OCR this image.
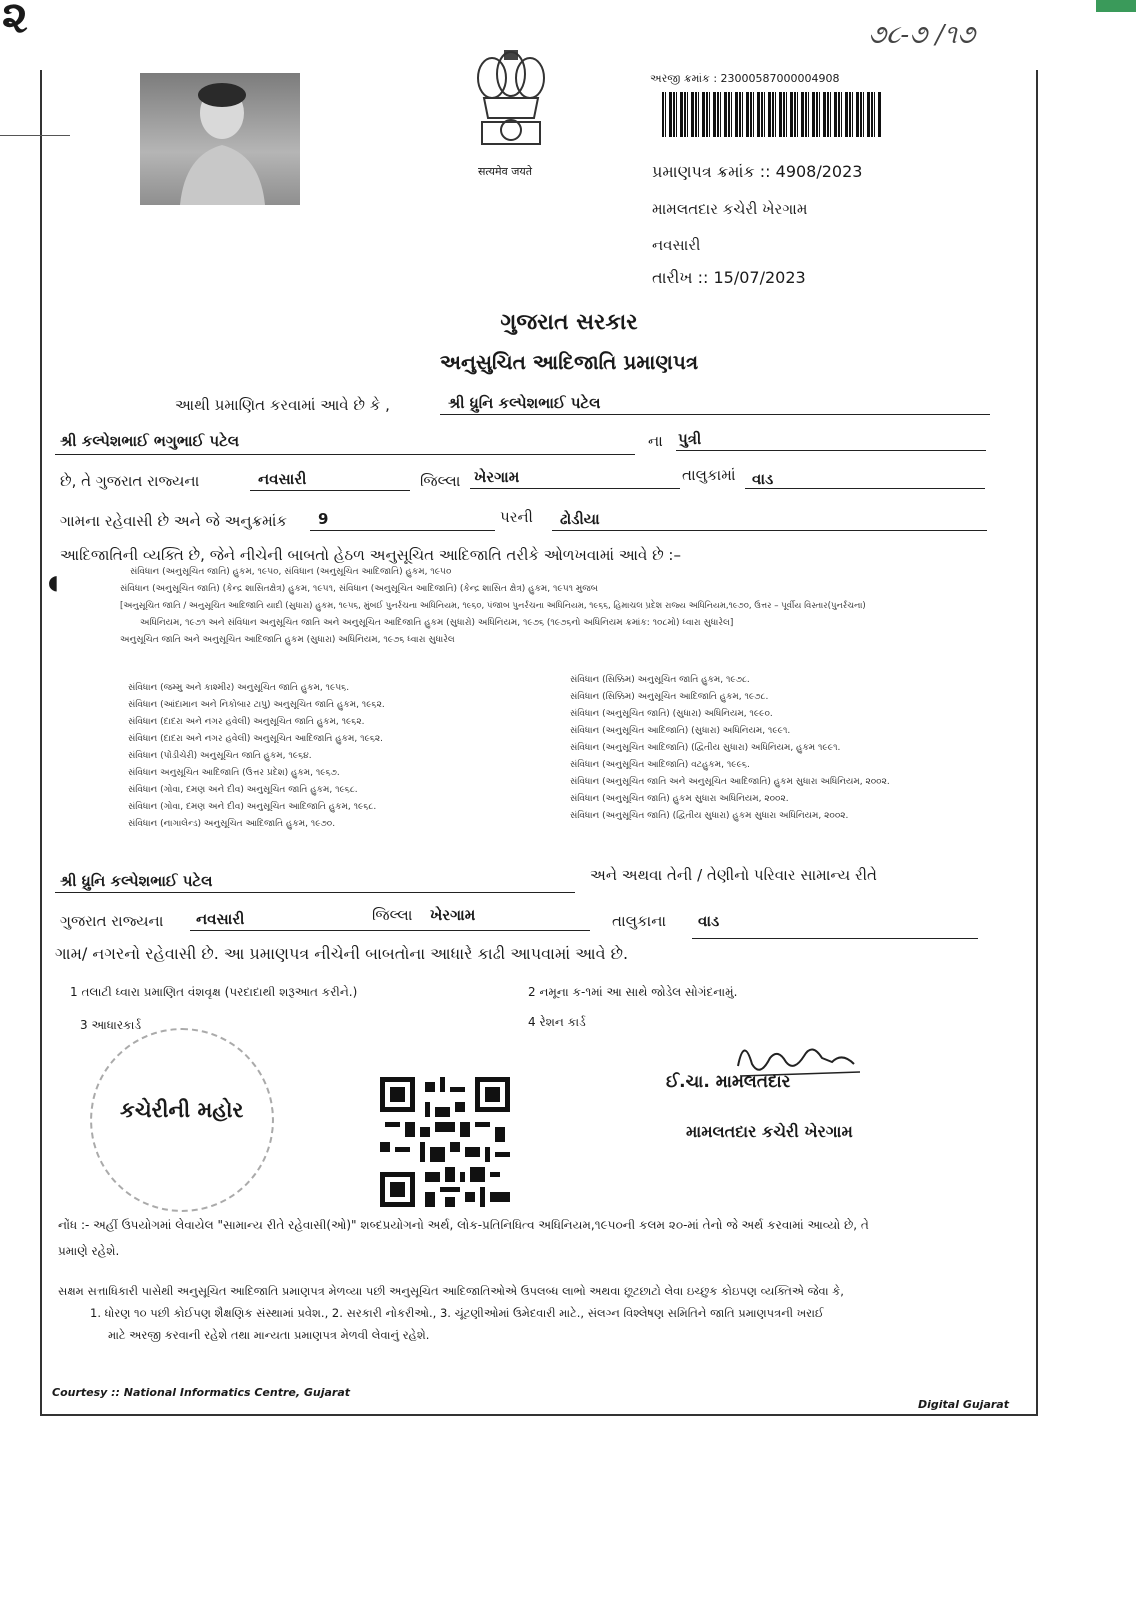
૨	૭૮-૭ /૧૭
सत्यमेव जयते
અરજી ક્રમાંક : 23000587000004908
પ્રમાણપત્ર ક્રમાંક :: 4908/2023
મામલતદાર કચેરી ખેરગામ
નવસારી
તારીખ :: 15/07/2023
ગુજરાત સરકાર
અનુસુચિત આદિજાતિ પ્રમાણપત્ર
આથી પ્રમાણિત કરવામાં આવે છે કે ,	શ્રી ધ્રુનિ કલ્પેશભાઈ પટેલ
શ્રી કલ્પેશભાઈ ભગુભાઈ પટેલ	ના પુત્રી
છે, તે ગુજરાત રાજ્યના	નવસારી	જિલ્લા ખેરગામ	તાલુકામાં વાડ
ગામના રહેવાસી છે અને જે અનુક્રમાંક 9	પરની ઢોડીયા
આદિજાતિની વ્યક્તિ છે, જેને નીચેની બાબતો હેઠળ અનુસૂચિત આદિજાતિ તરીકે ઓળખવામાં આવે છે :–
સંવિધાન (અનુસૂચિત જાતિ) હુકમ, ૧૯૫૦, સંવિધાન (અનુસૂચિત આદિજાતિ) હુકમ, ૧૯૫૦
સંવિધાન (અનુસૂચિત જાતિ) (કેન્દ્ર શાસિતક્ષેત્ર) હુકમ, ૧૯૫૧, સંવિધાન (અનુસૂચિત આદિજાતિ) (કેન્દ્ર શાસિત ક્ષેત્ર) હુકમ, ૧૯૫૧ મુજબ
[અનુસૂચિત જાતિ / અનુસૂચિત આદિજાતિ યાદી (સુધારા) હુકમ, ૧૯૫૬, મુંબઈ પુનર્રચના અધિનિયમ, ૧૯૬૦, પંજાબ પુનર્રચના અધિનિયમ, ૧૯૬૬, હિમાચલ પ્રદેશ રાજ્ય અધિનિયમ,૧૯૭૦, ઉત્તર – પૂર્વીય વિસ્તાર(પુનર્રચના)
અધિનિયમ, ૧૯૭૧ અને સંવિધાન અનુસૂચિત જાતિ અને અનુસૂચિત આદિજાતિ હુકમ (સુધારો) અધિનિયમ, ૧૯૭૬ (૧૯૭૬નો અધિનિયમ ક્રમાંક: ૧૦૮મો) ધ્વારા સુધારેલ]
અનુસૂચિત જાતિ અને અનુસૂચિત આદિજાતિ હુકમ (સુધારા) અધિનિયમ, ૧૯૭૬ ધ્વારા સુધારેલ
◖
સંવિધાન (જમ્મુ અને કાશ્મીર) અનુસૂચિત જાતિ હુકમ, ૧૯૫૬.
સંવિધાન (આંદામાન અને નિકોબાર ટાપુ) અનુસૂચિત જાતિ હુકમ, ૧૯૬૨.
સંવિધાન (દાદરા અને નગર હવેલી) અનુસૂચિત જાતિ હુકમ, ૧૯૬૨.
સંવિધાન (દાદરા અને નગર હવેલી) અનુસૂચિત આદિજાતિ હુકમ, ૧૯૬૨.
સંવિધાન (પોંડીચેરી) અનુસૂચિત જાતિ હુકમ, ૧૯૬૪.
સંવિધાન અનુસૂચિત આદિજાતિ (ઉત્તર પ્રદેશ) હુકમ, ૧૯૬૭.
સંવિધાન (ગોવા, દમણ અને દીવ) અનુસૂચિત જાતિ હુકમ, ૧૯૬૮.
સંવિધાન (ગોવા, દમણ અને દીવ) અનુસૂચિત આદિજાતિ હુકમ, ૧૯૬૮.
સંવિધાન (નાગાલેન્ડ) અનુસૂચિત આદિજાતિ હુકમ, ૧૯૭૦.
સંવિધાન (સિક્કિમ) અનુસૂચિત જાતિ હુકમ, ૧૯૭૮.
સંવિધાન (સિક્કિમ) અનુસૂચિત આદિજાતિ હુકમ, ૧૯૭૮.
સંવિધાન (અનુસૂચિત જાતિ) (સુધારા) અધિનિયમ, ૧૯૯૦.
સંવિધાન (અનુસૂચિત આદિજાતિ) (સુધારા) અધિનિયમ, ૧૯૯૧.
સંવિધાન (અનુસૂચિત આદિજાતિ) (દ્વિતીય સુધારા) અધિનિયમ, હુકમ ૧૯૯૧.
સંવિધાન (અનુસૂચિત આદિજાતિ) વટહુકમ, ૧૯૯૬.
સંવિધાન (અનુસૂચિત જાતિ અને અનુસૂચિત આદિજાતિ) હુકમ સુધારા અધિનિયમ, ૨૦૦૨.
સંવિધાન (અનુસૂચિત જાતિ) હુકમ સુધારા અધિનિયમ, ૨૦૦૨.
સંવિધાન (અનુસૂચિત જાતિ) (દ્વિતીય સુધારા) હુકમ સુધારા અધિનિયમ, ૨૦૦૨.
શ્રી ધ્રુનિ કલ્પેશભાઈ પટેલ	અને અથવા તેની / તેણીનો પરિવાર સામાન્ય રીતે
ગુજરાત રાજ્યના નવસારી	જિલ્લા ખેરગામ	તાલુકાના વાડ
ગામ/ નગરનો રહેવાસી છે. આ પ્રમાણપત્ર નીચેની બાબતોના આધારે કાઢી આપવામાં આવે છે.
1 તલાટી ધ્વારા પ્રમાણિત વંશવૃક્ષ (પરદાદાથી શરૂઆત કરીને.)	2 નમૂના ક-૧માં આ સાથે જોડેલ સોગંદનામું.
3 આધારકાર્ડ	4 રેશન કાર્ડ
કચેરીની મહોર
ઈ.ચા. મામલતદાર
મામલતદાર કચેરી ખેરગામ
નોંધ :- અહીં ઉપયોગમાં લેવાયેલ "સામાન્ય રીતે રહેવાસી(ઓ)" શબ્દપ્રયોગનો અર્થ, લોક-પ્રતિનિધિત્વ અધિનિયમ,૧૯૫૦ની કલમ ૨૦-માં તેનો જે અર્થ કરવામાં આવ્યો છે, તે
પ્રમાણે રહેશે.
સક્ષમ સત્તાધિકારી પાસેથી અનુસૂચિત આદિજાતિ પ્રમાણપત્ર મેળવ્યા પછી અનુસૂચિત આદિજાતિઓએ ઉપલબ્ધ લાભો અથવા છૂટછાટો લેવા ઇચ્છુક કોઇપણ વ્યક્તિએ જેવા કે,
1. ધોરણ ૧૦ પછી કોઈપણ શૈક્ષણિક સંસ્થામાં પ્રવેશ., 2. સરકારી નોકરીઓ., 3. ચૂંટણીઓમાં ઉમેદવારી માટે., સંલગ્ન વિશ્લેષણ સમિતિને જાતિ પ્રમાણપત્રની ખરાઈ
માટે અરજી કરવાની રહેશે તથા માન્યતા પ્રમાણપત્ર મેળવી લેવાનું રહેશે.
Courtesy :: National Informatics Centre, Gujarat
Digital Gujarat
